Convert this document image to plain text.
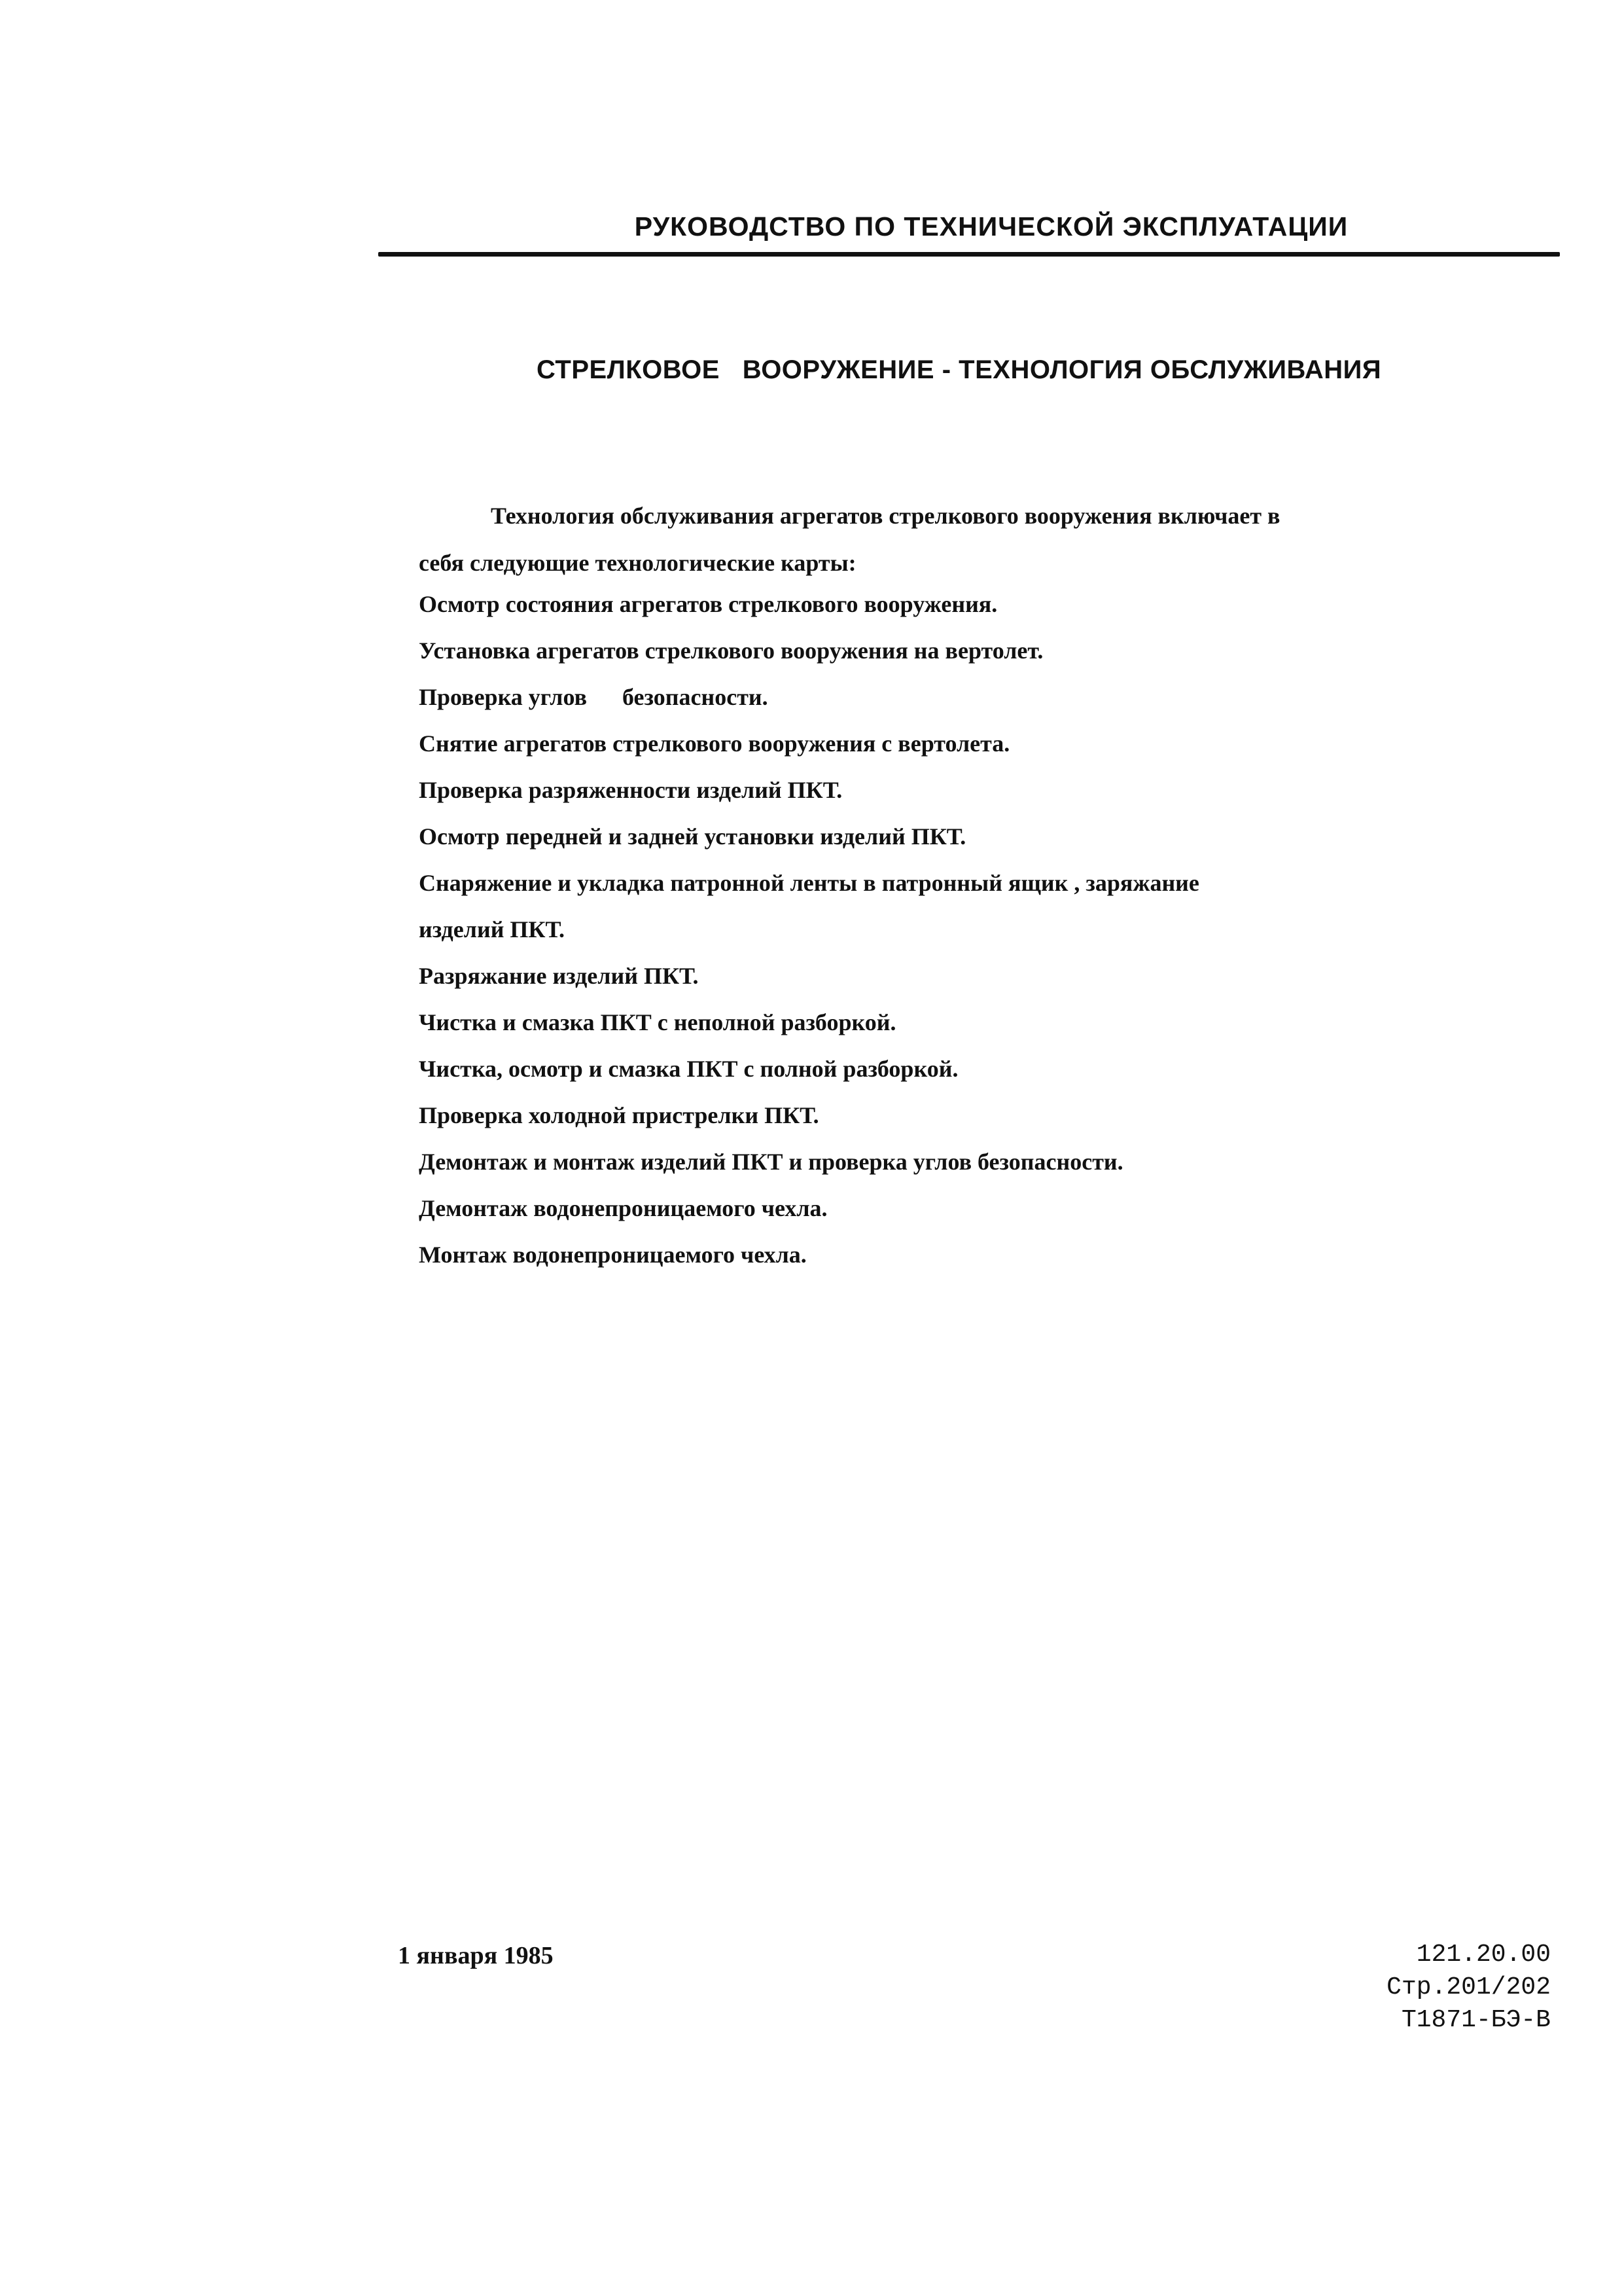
РУКОВОДСТВО ПО ТЕХНИЧЕСКОЙ ЭКСПЛУАТАЦИИ
СТРЕЛКОВОЕ   ВООРУЖЕНИЕ - ТЕХНОЛОГИЯ ОБСЛУЖИВАНИЯ

Технология обслуживания агрегатов стрелкового вооружения включает в
себя следующие технологические карты:

Осмотр состояния агрегатов стрелкового вооружения.
Установка агрегатов стрелкового вооружения на вертолет.
Проверка углов      безопасности.
Снятие агрегатов стрелкового вооружения с вертолета.
Проверка разряженности изделий ПКТ.
Осмотр передней и задней установки изделий ПКТ.
Снаряжение и укладка патронной ленты в патронный ящик , заряжание
изделий ПКТ.
Разряжание изделий ПКТ.
Чистка и смазка ПКТ с неполной разборкой.
Чистка, осмотр и смазка ПКТ с полной разборкой.
Проверка холодной пристрелки ПКТ.
Демонтаж и монтаж изделий ПКТ и проверка углов безопасности.
Демонтаж водонепроницаемого чехла.
Монтаж водонепроницаемого чехла.
1 января 1985	121.20.00
Стр.201/202
Т1871-БЭ-В
